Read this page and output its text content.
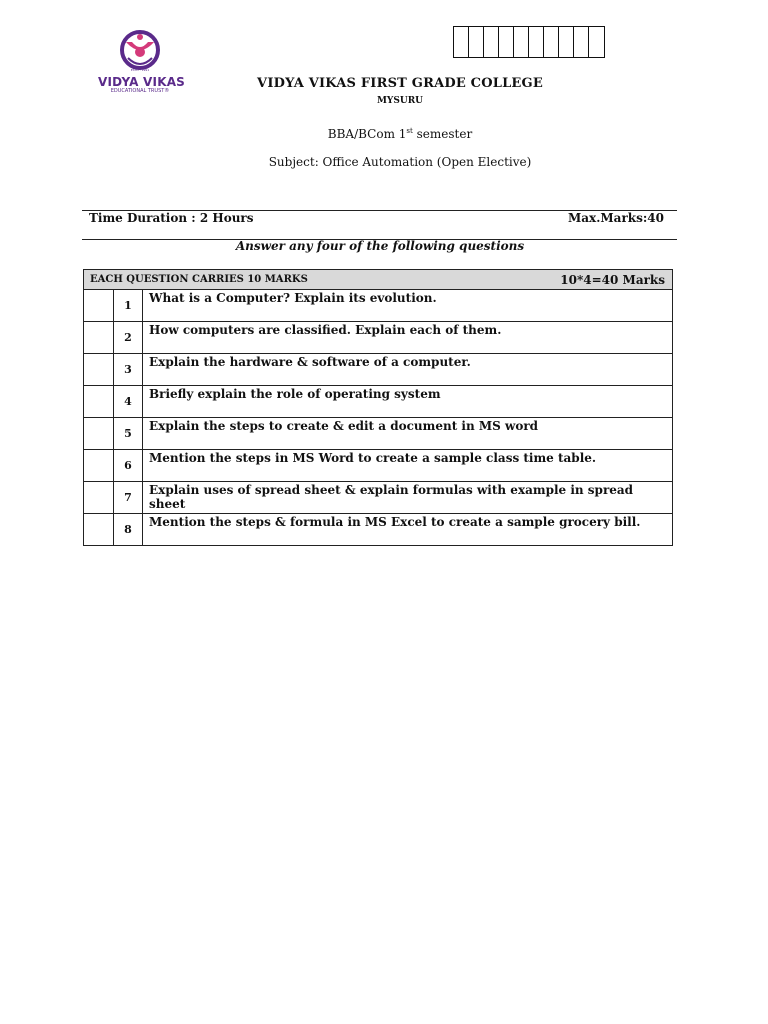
ESTD : 1991
VIDYA VIKAS
EDUCATIONAL TRUST®	VIDYA VIKAS FIRST GRADE COLLEGE
MYSURU
BBA/BCom 1st semester
Subject: Office Automation (Open Elective)
Time Duration : 2 Hours	Max.Marks:40
Answer any four of the following questions
EACH QUESTION CARRIES 10 MARKS		10*4=40 Marks
	1	What is a Computer? Explain its evolution.
	2	How computers are classified. Explain each of them.
	3	Explain the hardware & software of a computer.
	4	Briefly explain the role of operating system
	5	Explain the steps to create & edit a document in MS word
	6	Mention the steps in MS Word to create a sample class time table.
	7	Explain uses of spread sheet & explain formulas with example in spread sheet
	8	Mention the steps & formula in MS Excel to create a sample grocery bill.
